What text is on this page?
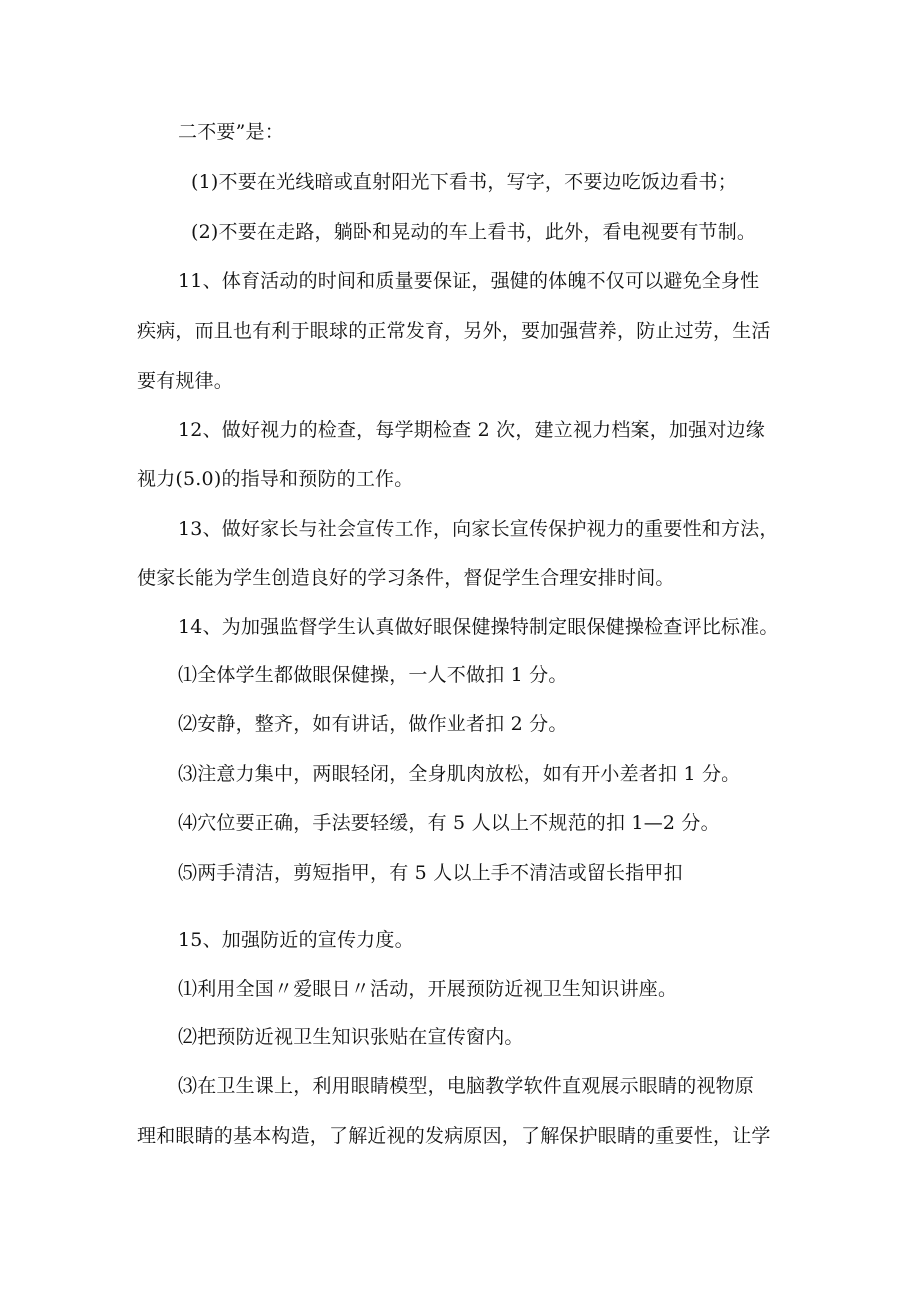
二不要”是：
(1)不要在光线暗或直射阳光下看书，写字，不要边吃饭边看书；
(2)不要在走路，躺卧和晃动的车上看书，此外，看电视要有节制。
11、体育活动的时间和质量要保证，强健的体魄不仅可以避免全身性
疾病，而且也有利于眼球的正常发育，另外，要加强营养，防止过劳，生活
要有规律。
12、做好视力的检查，每学期检查 2 次，建立视力档案，加强对边缘
视力(5.0)的指导和预防的工作。
13、做好家长与社会宣传工作，向家长宣传保护视力的重要性和方法，
使家长能为学生创造良好的学习条件，督促学生合理安排时间。
14、为加强监督学生认真做好眼保健操特制定眼保健操检查评比标准。
⑴全体学生都做眼保健操，一人不做扣 1 分。
⑵安静，整齐，如有讲话，做作业者扣 2 分。
⑶注意力集中，两眼轻闭，全身肌肉放松，如有开小差者扣 1 分。
⑷穴位要正确，手法要轻缓，有 5 人以上不规范的扣 1—2 分。
⑸两手清洁，剪短指甲，有 5 人以上手不清洁或留长指甲扣
15、加强防近的宣传力度。
⑴利用全国〃爱眼日〃活动，开展预防近视卫生知识讲座。
⑵把预防近视卫生知识张贴在宣传窗内。
⑶在卫生课上，利用眼睛模型，电脑教学软件直观展示眼睛的视物原
理和眼睛的基本构造，了解近视的发病原因，了解保护眼睛的重要性，让学
